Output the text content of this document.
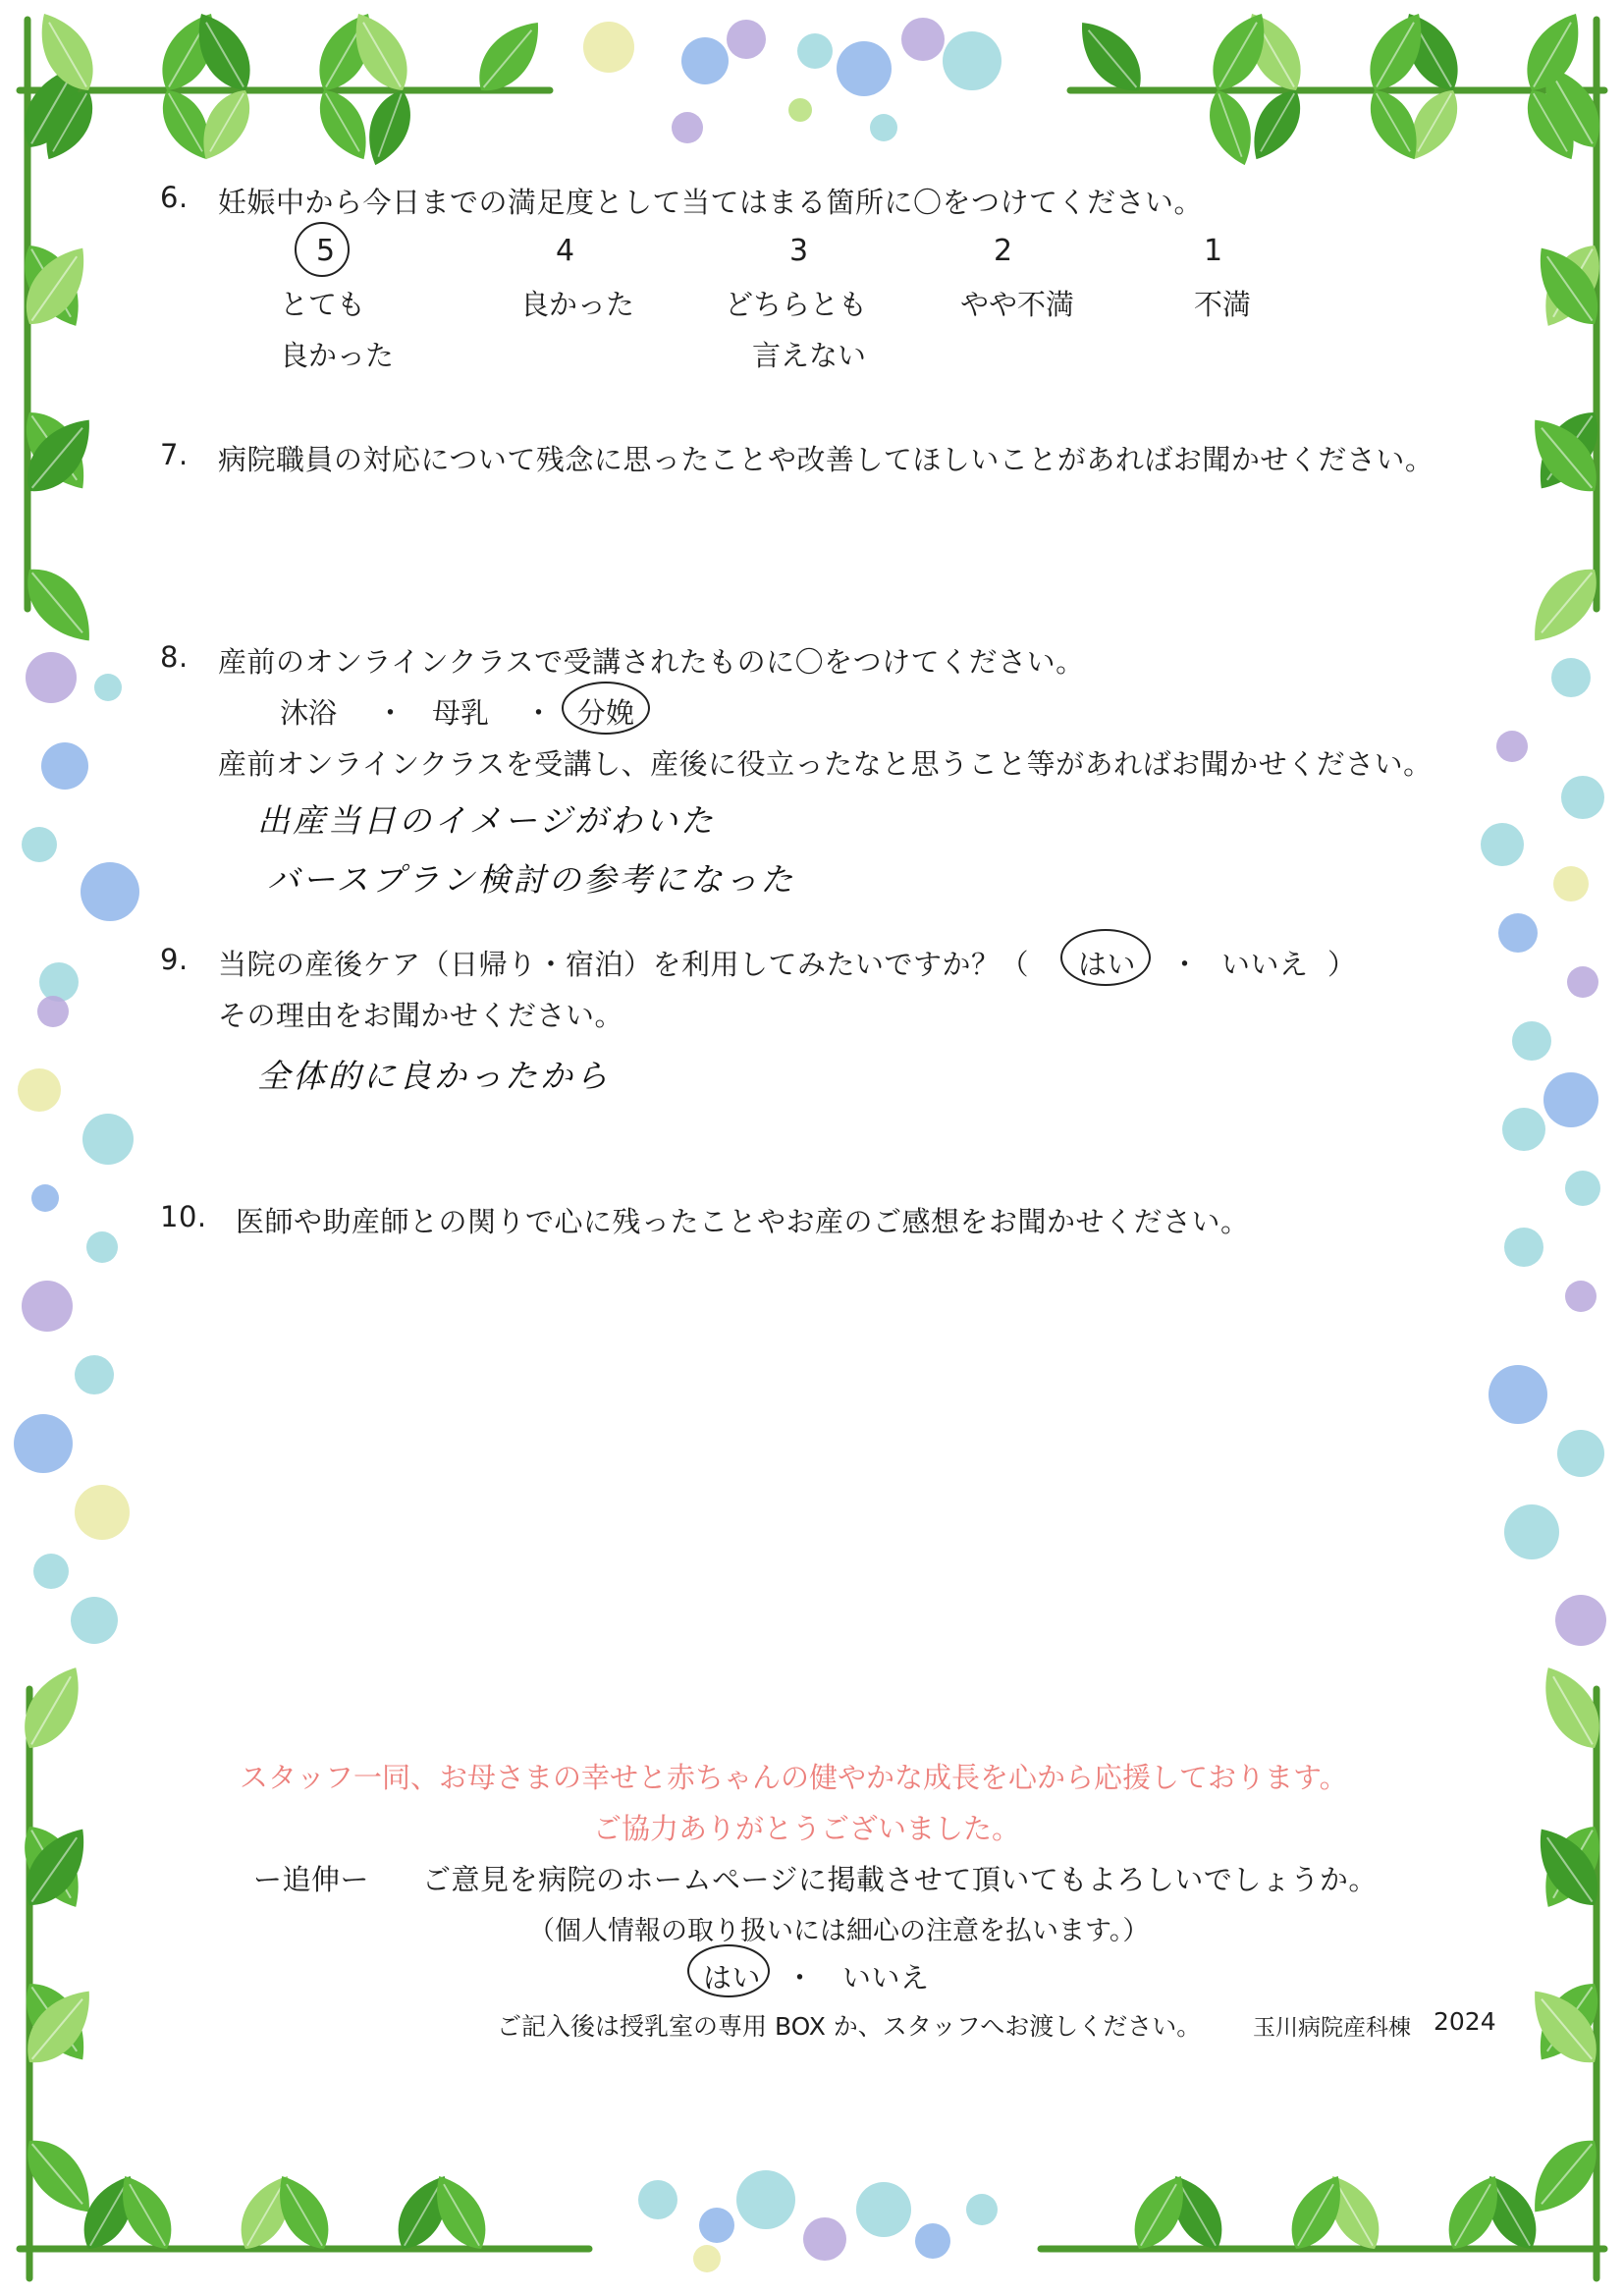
6. 妊娠中から今日までの満足度として当てはまる箇所に〇をつけてください。
5
とても
良かった
4
良かった
3
どちらとも
言えない
2
やや不満
1
不満
7. 病院職員の対応について残念に思ったことや改善してほしいことがあればお聞かせください。
8. 産前のオンラインクラスで受講されたものに〇をつけてください。
沐浴 ・ 母乳 ・ 分娩
産前オンラインクラスを受講し、産後に役立ったなと思うこと等があればお聞かせください。
出産当日のイメージがわいた
バースプラン検討の参考になった
9. 当院の産後ケア（日帰り・宿泊）を利用してみたいですか？（ はい ・ いいえ ）
その理由をお聞かせください。
全体的に良かったから
10. 医師や助産師との関りで心に残ったことやお産のご感想をお聞かせください。
スタッフ一同、お母さまの幸せと赤ちゃんの健やかな成長を心から応援しております。
ご協力ありがとうございました。
ー追伸ー ご意見を病院のホームページに掲載させて頂いてもよろしいでしょうか。
（個人情報の取り扱いには細心の注意を払います。）
はい ・ いいえ
ご記入後は授乳室の専用 BOX か、スタッフへお渡しください。 玉川病院産科棟 2024
